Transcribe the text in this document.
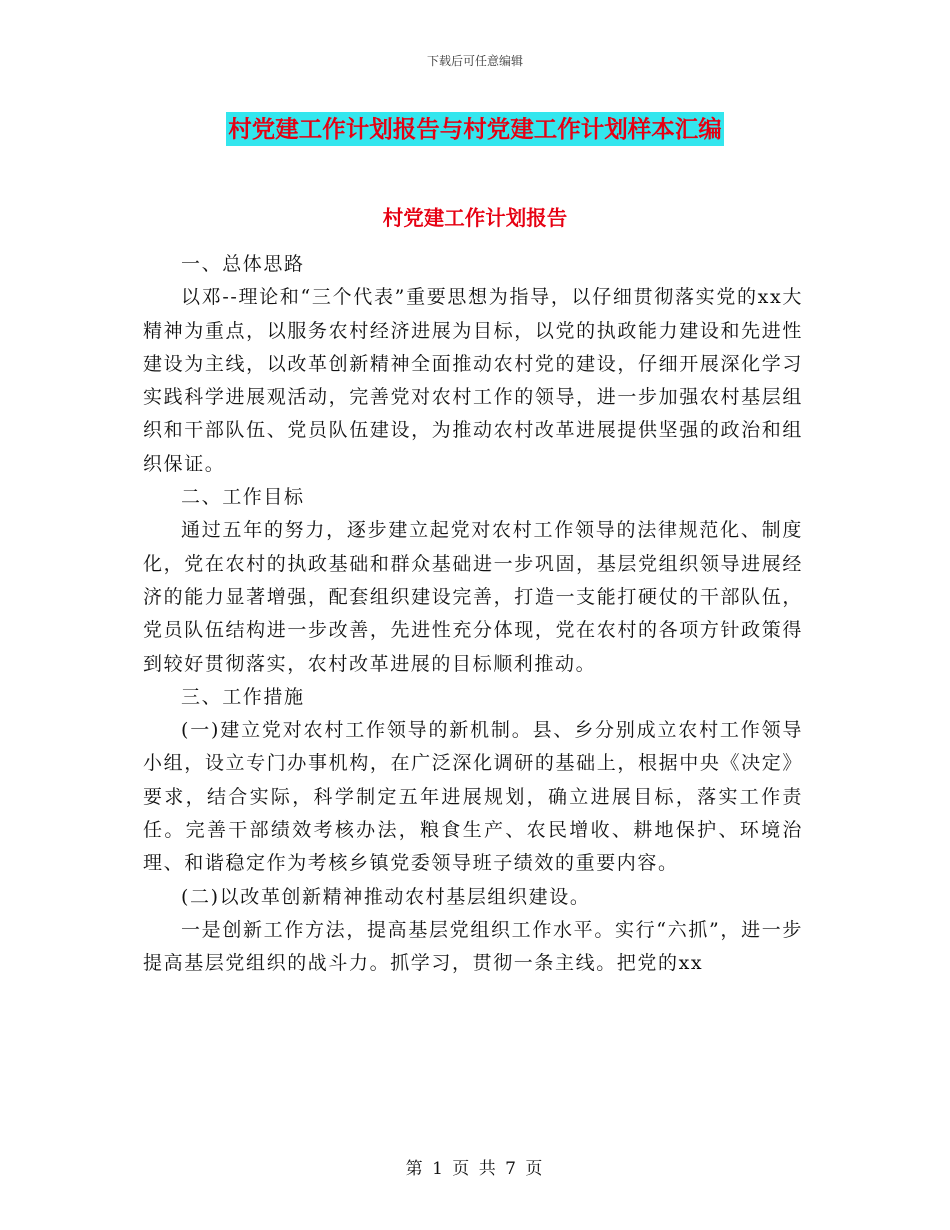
下载后可任意编辑
村党建工作计划报告与村党建工作计划样本汇编
村党建工作计划报告

一、总体思路

以邓--理论和“三个代表”重要思想为指导，以仔细贯彻落实党的xx大精神为重点，以服务农村经济进展为目标，以党的执政能力建设和先进性建设为主线，以改革创新精神全面推动农村党的建设，仔细开展深化学习实践科学进展观活动，完善党对农村工作的领导，进一步加强农村基层组织和干部队伍、党员队伍建设，为推动农村改革进展提供坚强的政治和组织保证。

二、工作目标

通过五年的努力，逐步建立起党对农村工作领导的法律规范化、制度化，党在农村的执政基础和群众基础进一步巩固，基层党组织领导进展经济的能力显著增强，配套组织建设完善，打造一支能打硬仗的干部队伍，党员队伍结构进一步改善，先进性充分体现，党在农村的各项方针政策得到较好贯彻落实，农村改革进展的目标顺利推动。

三、工作措施

(一)建立党对农村工作领导的新机制。县、乡分别成立农村工作领导小组，设立专门办事机构，在广泛深化调研的基础上，根据中央《决定》要求，结合实际，科学制定五年进展规划，确立进展目标，落实工作责任。完善干部绩效考核办法，粮食生产、农民增收、耕地保护、环境治理、和谐稳定作为考核乡镇党委领导班子绩效的重要内容。

(二)以改革创新精神推动农村基层组织建设。

一是创新工作方法，提高基层党组织工作水平。实行“六抓”，进一步提高基层党组织的战斗力。抓学习，贯彻一条主线。把党的xx

第 1 页 共 7 页
